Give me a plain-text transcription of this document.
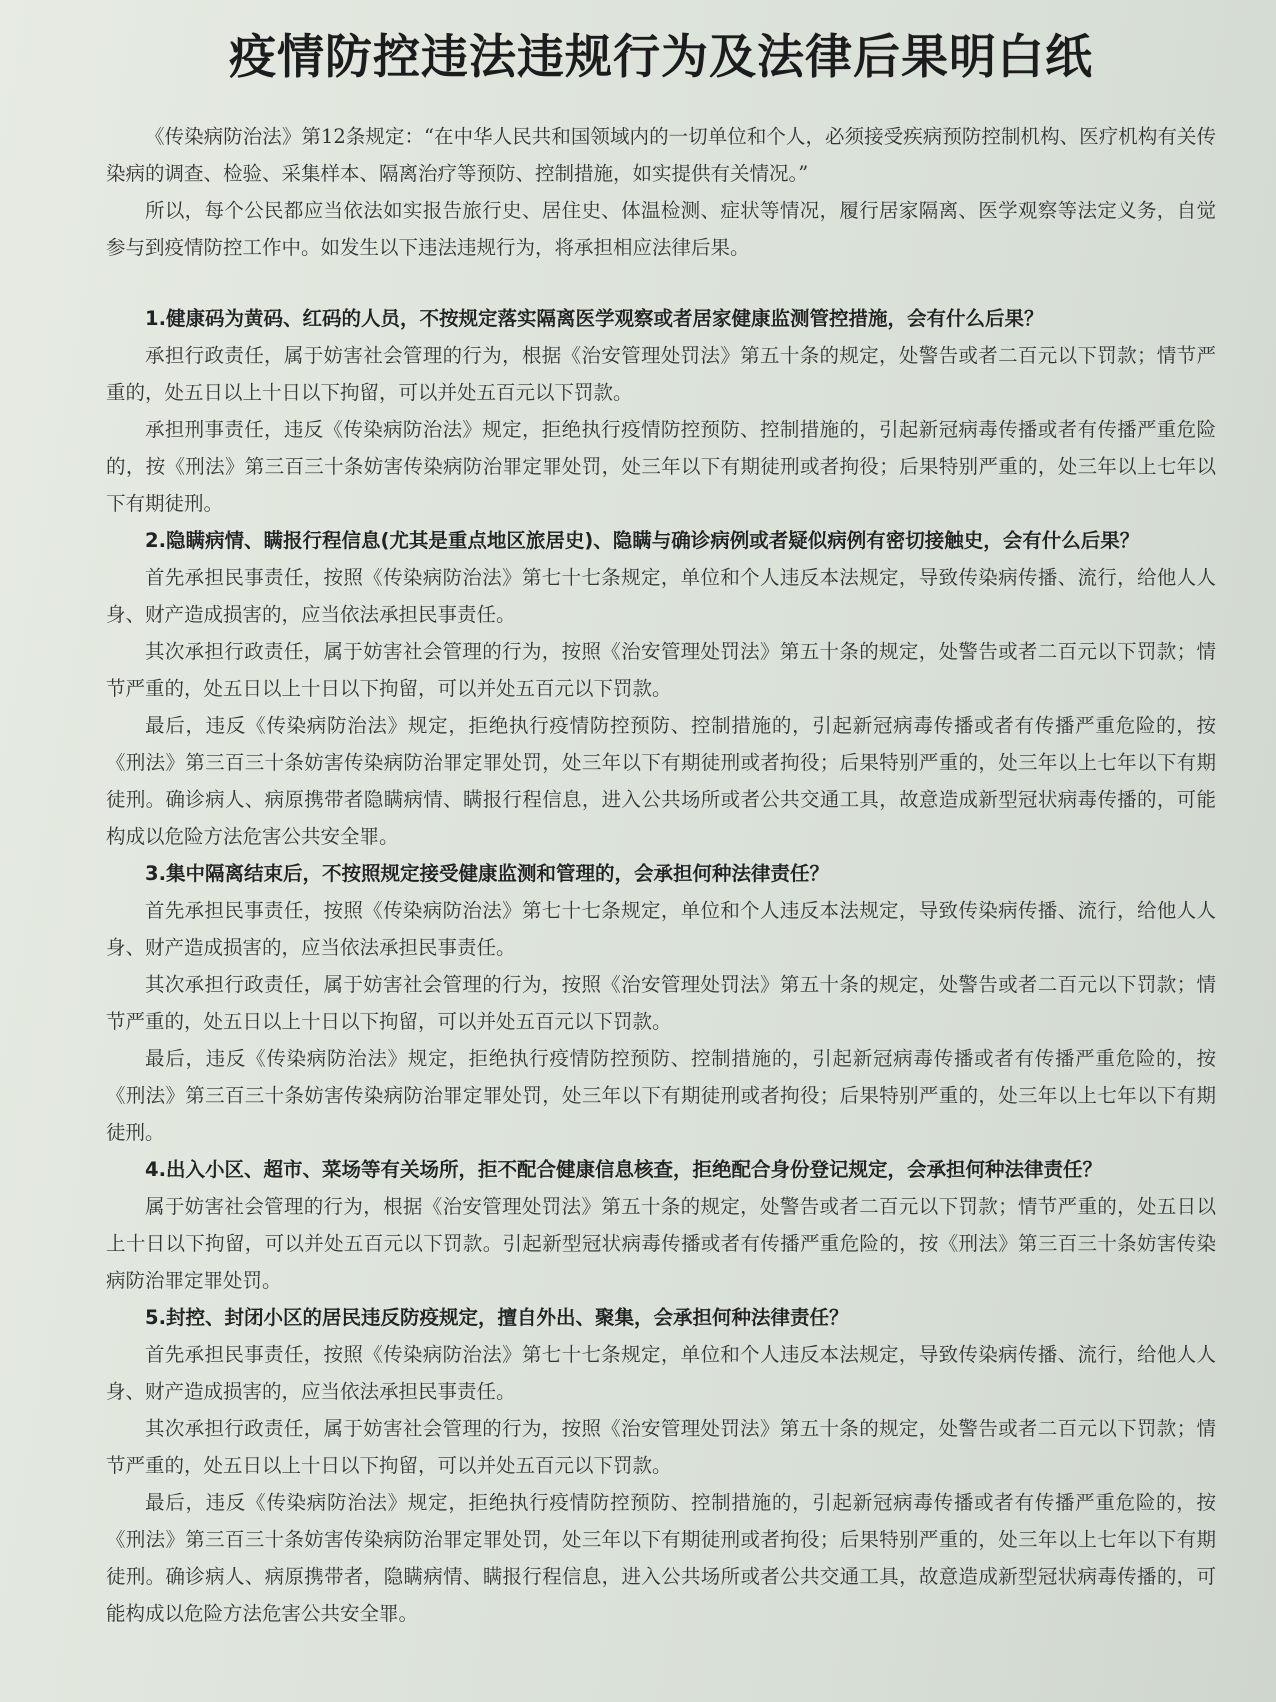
疫情防控违法违规行为及法律后果明白纸

《传染病防治法》第12条规定：“在中华人民共和国领域内的一切单位和个人，必须接受疾病预防控制机构、医疗机构有关传染病的调查、检验、采集样本、隔离治疗等预防、控制措施，如实提供有关情况。”

所以，每个公民都应当依法如实报告旅行史、居住史、体温检测、症状等情况，履行居家隔离、医学观察等法定义务，自觉参与到疫情防控工作中。如发生以下违法违规行为，将承担相应法律后果。

1.健康码为黄码、红码的人员，不按规定落实隔离医学观察或者居家健康监测管控措施，会有什么后果？

承担行政责任，属于妨害社会管理的行为，根据《治安管理处罚法》第五十条的规定，处警告或者二百元以下罚款；情节严重的，处五日以上十日以下拘留，可以并处五百元以下罚款。

承担刑事责任，违反《传染病防治法》规定，拒绝执行疫情防控预防、控制措施的，引起新冠病毒传播或者有传播严重危险的，按《刑法》第三百三十条妨害传染病防治罪定罪处罚，处三年以下有期徒刑或者拘役；后果特别严重的，处三年以上七年以下有期徒刑。

2.隐瞒病情、瞒报行程信息(尤其是重点地区旅居史)、隐瞒与确诊病例或者疑似病例有密切接触史，会有什么后果？

首先承担民事责任，按照《传染病防治法》第七十七条规定，单位和个人违反本法规定，导致传染病传播、流行，给他人人身、财产造成损害的，应当依法承担民事责任。

其次承担行政责任，属于妨害社会管理的行为，按照《治安管理处罚法》第五十条的规定，处警告或者二百元以下罚款；情节严重的，处五日以上十日以下拘留，可以并处五百元以下罚款。

最后，违反《传染病防治法》规定，拒绝执行疫情防控预防、控制措施的，引起新冠病毒传播或者有传播严重危险的，按《刑法》第三百三十条妨害传染病防治罪定罪处罚，处三年以下有期徒刑或者拘役；后果特别严重的，处三年以上七年以下有期徒刑。确诊病人、病原携带者隐瞒病情、瞒报行程信息，进入公共场所或者公共交通工具，故意造成新型冠状病毒传播的，可能构成以危险方法危害公共安全罪。

3.集中隔离结束后，不按照规定接受健康监测和管理的，会承担何种法律责任？

首先承担民事责任，按照《传染病防治法》第七十七条规定，单位和个人违反本法规定，导致传染病传播、流行，给他人人身、财产造成损害的，应当依法承担民事责任。

其次承担行政责任，属于妨害社会管理的行为，按照《治安管理处罚法》第五十条的规定，处警告或者二百元以下罚款；情节严重的，处五日以上十日以下拘留，可以并处五百元以下罚款。

最后，违反《传染病防治法》规定，拒绝执行疫情防控预防、控制措施的，引起新冠病毒传播或者有传播严重危险的，按《刑法》第三百三十条妨害传染病防治罪定罪处罚，处三年以下有期徒刑或者拘役；后果特别严重的，处三年以上七年以下有期徒刑。

4.出入小区、超市、菜场等有关场所，拒不配合健康信息核查，拒绝配合身份登记规定，会承担何种法律责任？

属于妨害社会管理的行为，根据《治安管理处罚法》第五十条的规定，处警告或者二百元以下罚款；情节严重的，处五日以上十日以下拘留，可以并处五百元以下罚款。引起新型冠状病毒传播或者有传播严重危险的，按《刑法》第三百三十条妨害传染病防治罪定罪处罚。

5.封控、封闭小区的居民违反防疫规定，擅自外出、聚集，会承担何种法律责任？

首先承担民事责任，按照《传染病防治法》第七十七条规定，单位和个人违反本法规定，导致传染病传播、流行，给他人人身、财产造成损害的，应当依法承担民事责任。

其次承担行政责任，属于妨害社会管理的行为，按照《治安管理处罚法》第五十条的规定，处警告或者二百元以下罚款；情节严重的，处五日以上十日以下拘留，可以并处五百元以下罚款。

最后，违反《传染病防治法》规定，拒绝执行疫情防控预防、控制措施的，引起新冠病毒传播或者有传播严重危险的，按《刑法》第三百三十条妨害传染病防治罪定罪处罚，处三年以下有期徒刑或者拘役；后果特别严重的，处三年以上七年以下有期徒刑。确诊病人、病原携带者，隐瞒病情、瞒报行程信息，进入公共场所或者公共交通工具，故意造成新型冠状病毒传播的，可能构成以危险方法危害公共安全罪。
